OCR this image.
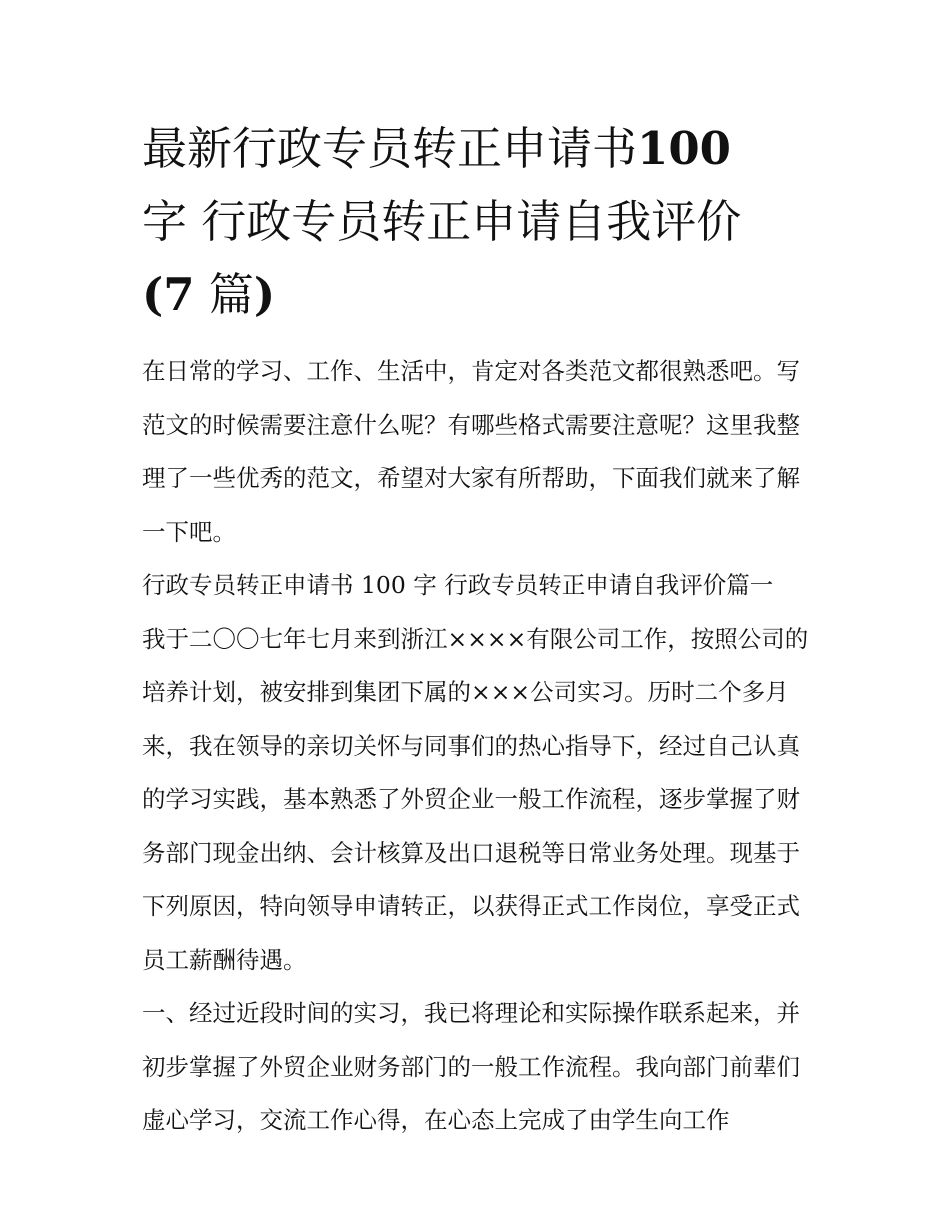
最新行政专员转正申请书100
字 行政专员转正申请自我评价
(7 篇)

在日常的学习、工作、生活中，肯定对各类范文都很熟悉吧。写范文的时候需要注意什么呢？有哪些格式需要注意呢？这里我整理了一些优秀的范文，希望对大家有所帮助，下面我们就来了解一下吧。

行政专员转正申请书 100 字 行政专员转正申请自我评价篇一

我于二〇〇七年七月来到浙江××××有限公司工作，按照公司的培养计划，被安排到集团下属的×××公司实习。历时二个多月来，我在领导的亲切关怀与同事们的热心指导下，经过自己认真的学习实践，基本熟悉了外贸企业一般工作流程，逐步掌握了财务部门现金出纳、会计核算及出口退税等日常业务处理。现基于下列原因，特向领导申请转正，以获得正式工作岗位，享受正式员工薪酬待遇。

一、经过近段时间的实习，我已将理论和实际操作联系起来，并初步掌握了外贸企业财务部门的一般工作流程。我向部门前辈们虚心学习，交流工作心得，在心态上完成了由学生向工作
